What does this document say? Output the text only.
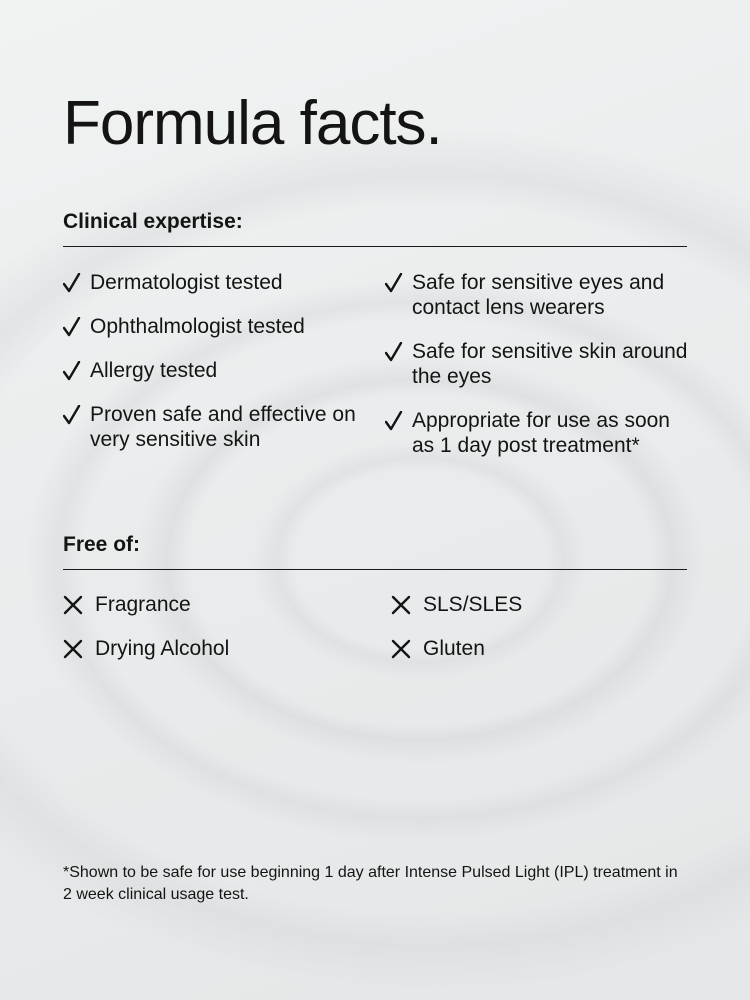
Formula facts.
Clinical expertise:
Dermatologist tested
Ophthalmologist tested
Allergy tested
Proven safe and effective on very sensitive skin
Safe for sensitive eyes and contact lens wearers
Safe for sensitive skin around the eyes
Appropriate for use as soon as 1 day post treatment*
Free of:
Fragrance
Drying Alcohol
SLS/SLES
Gluten
*Shown to be safe for use beginning 1 day after Intense Pulsed Light (IPL) treatment in 2 week clinical usage test.
